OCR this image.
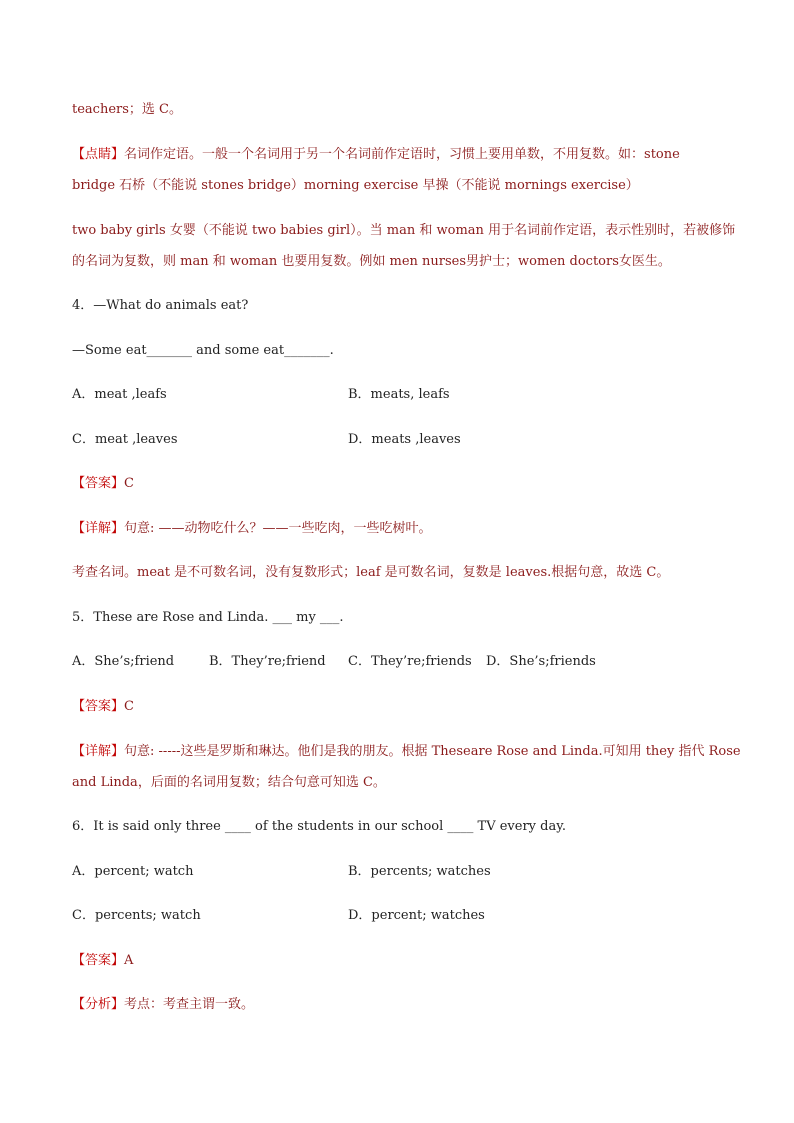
teachers；选 C。
【点睛】名词作定语。一般一个名词用于另一个名词前作定语时，习惯上要用单数，不用复数。如：stone
bridge 石桥（不能说 stones bridge）morning exercise 早操（不能说 mornings exercise）
two baby girls 女婴（不能说 two babies girl）。当 man 和 woman 用于名词前作定语，表示性别时，若被修饰
的名词为复数，则 man 和 woman 也要用复数。例如 men nurses男护士；women doctors女医生。
4．—What do animals eat?
—Some eat_______ and some eat_______.
A．meat ,leafs	B．meats, leafs
C．meat ,leaves	D．meats ,leaves
【答案】C
【详解】句意: ——动物吃什么？——一些吃肉，一些吃树叶。
考查名词。meat 是不可数名词，没有复数形式；leaf 是可数名词，复数是 leaves.根据句意，故选 C。
5．These are Rose and Linda. ___ my ___.
A．She’s;friend	B．They’re;friend C．They’re;friends D．She’s;friends
【答案】C
【详解】句意: -----这些是罗斯和琳达。他们是我的朋友。根据 Theseare Rose and Linda.可知用 they 指代 Rose
and Linda，后面的名词用复数；结合句意可知选 C。
6．It is said only three ____ of the students in our school ____ TV every day.
A．percent; watch	B．percents; watches
C．percents; watch	D．percent; watches
【答案】A
【分析】考点：考查主谓一致。
